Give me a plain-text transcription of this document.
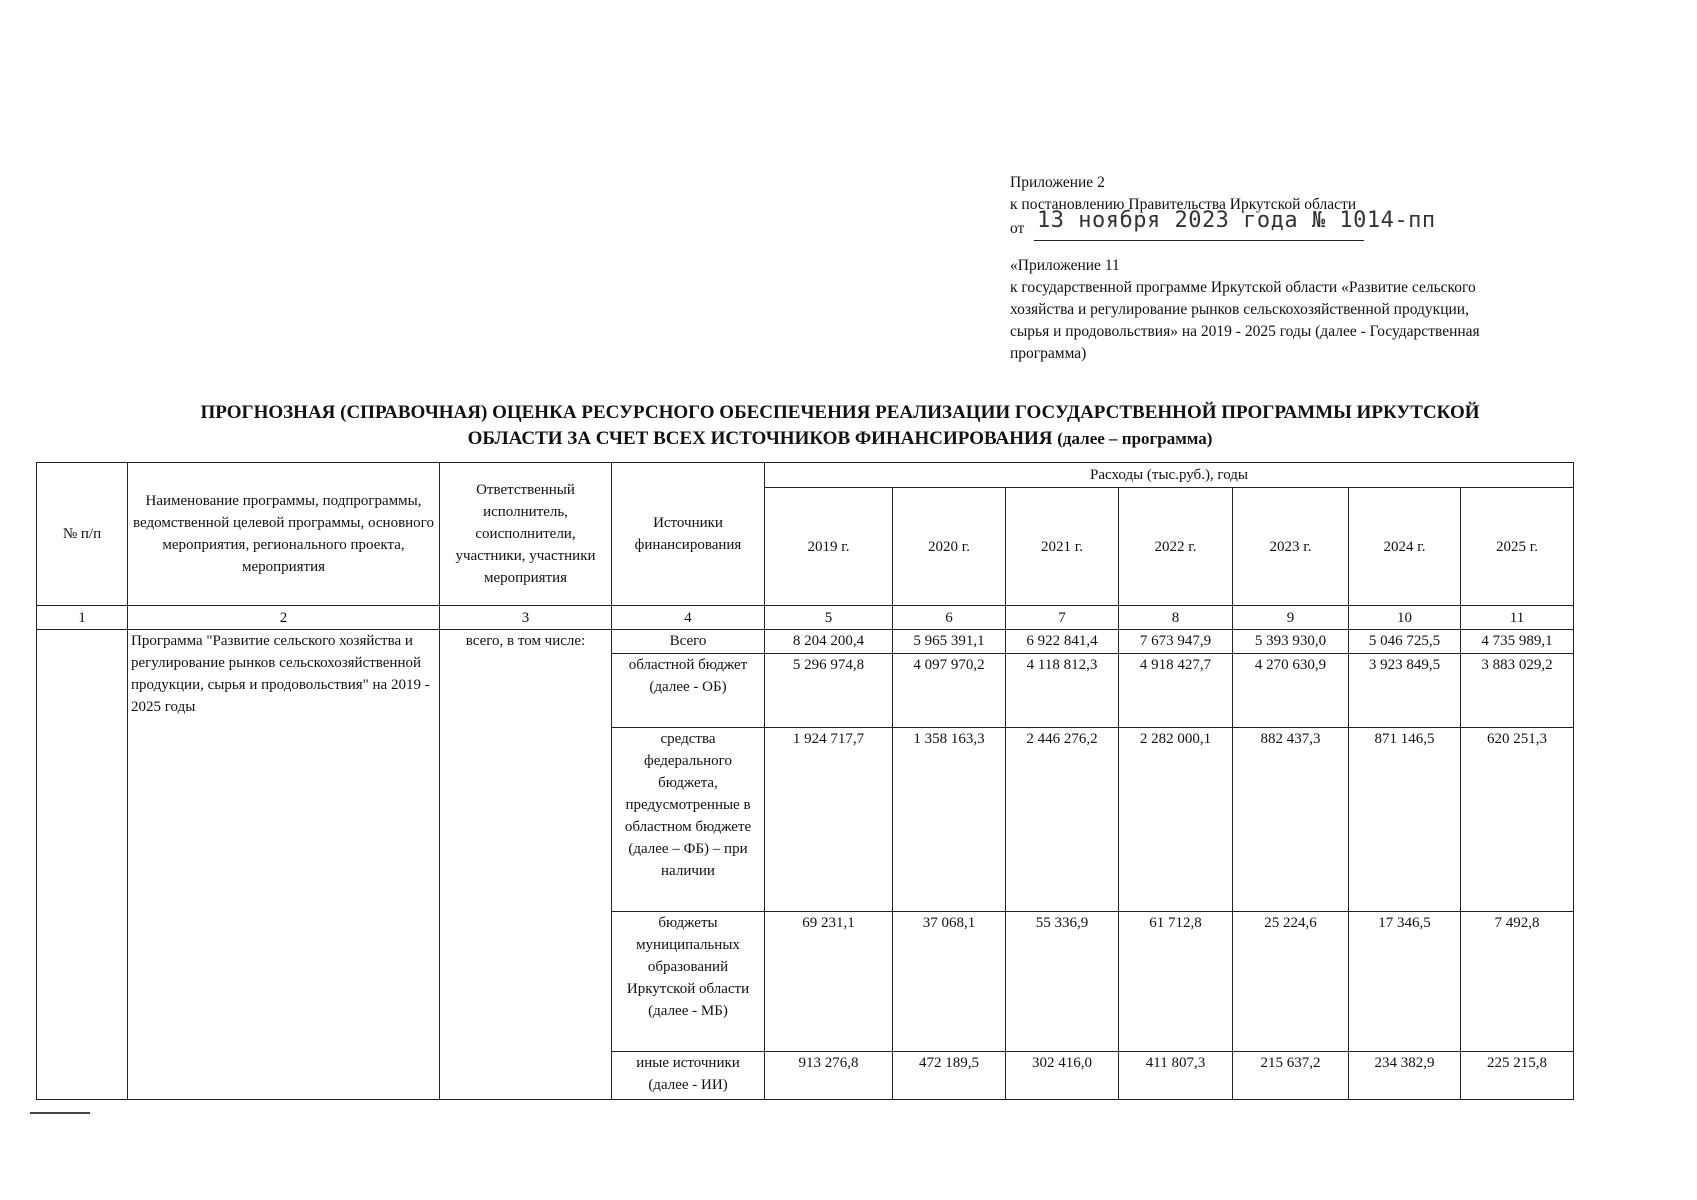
Приложение 2
к постановлению Правительства Иркутской области
от 13 ноября 2023 года № 1014-пп
«Приложение 11
к государственной программе Иркутской области «Развитие сельского
хозяйства и регулирование рынков сельскохозяйственной продукции,
сырья и продовольствия» на 2019 - 2025 годы (далее - Государственная
программа)
ПРОГНОЗНАЯ (СПРАВОЧНАЯ) ОЦЕНКА РЕСУРСНОГО ОБЕСПЕЧЕНИЯ РЕАЛИЗАЦИИ ГОСУДАРСТВЕННОЙ ПРОГРАММЫ ИРКУТСКОЙ
ОБЛАСТИ ЗА СЧЕТ ВСЕХ ИСТОЧНИКОВ ФИНАНСИРОВАНИЯ (далее – программа)
№ п/п	Наименование программы, подпрограммы, ведомственной целевой программы, основного мероприятия, регионального проекта, мероприятия	Ответственный исполнитель, соисполнители, участники, участники мероприятия	Источники финансирования	Расходы (тыс.руб.), годы						
				2019 г.	2020 г.	2021 г.	2022 г.	2023 г.	2024 г.	2025 г.
1	2	3	4	5	6	7	8	9	10	11
	Программа "Развитие сельского хозяйства и регулирование рынков сельскохозяйственной продукции, сырья и продовольствия" на 2019 - 2025 годы	всего, в том числе:	Всего	8 204 200,4	5 965 391,1	6 922 841,4	7 673 947,9	5 393 930,0	5 046 725,5	4 735 989,1
			областной бюджет (далее - ОБ)	5 296 974,8	4 097 970,2	4 118 812,3	4 918 427,7	4 270 630,9	3 923 849,5	3 883 029,2
			средства федерального бюджета, предусмотренные в областном бюджете (далее – ФБ) – при наличии	1 924 717,7	1 358 163,3	2 446 276,2	2 282 000,1	882 437,3	871 146,5	620 251,3
			бюджеты муниципальных образований Иркутской области (далее - МБ)	69 231,1	37 068,1	55 336,9	61 712,8	25 224,6	17 346,5	7 492,8
			иные источники (далее - ИИ)	913 276,8	472 189,5	302 416,0	411 807,3	215 637,2	234 382,9	225 215,8
